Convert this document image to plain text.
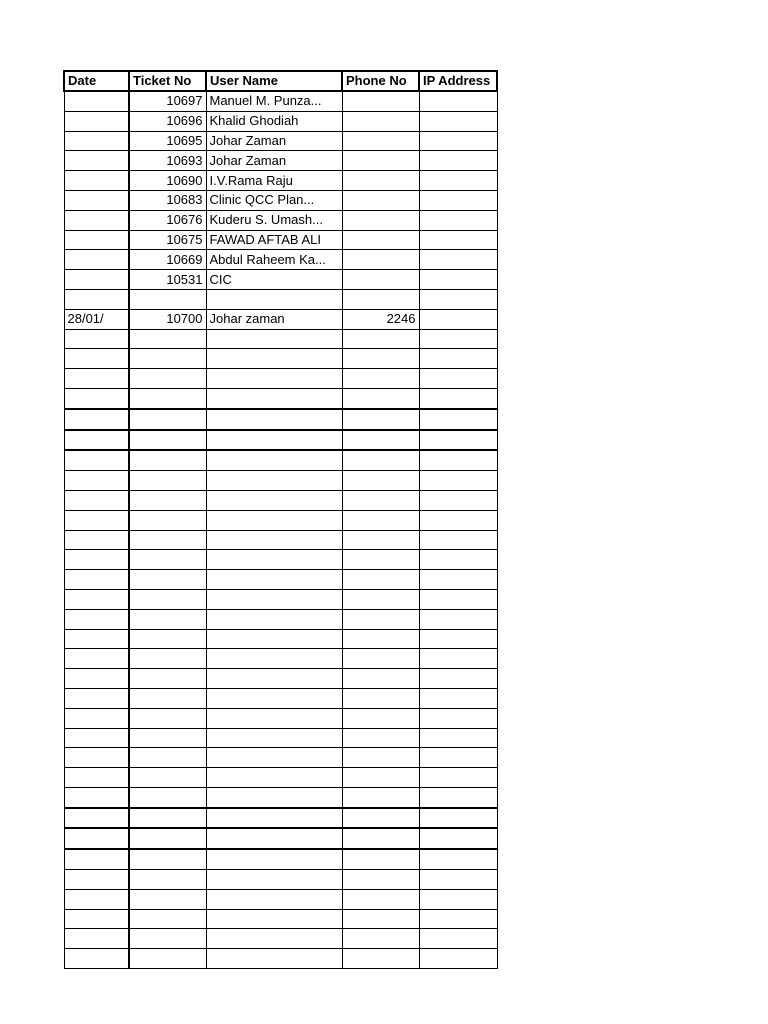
Date	Ticket No	User Name	Phone No	IP Address
	10697	Manuel M. Punza...		
	10696	Khalid Ghodiah		
	10695	Johar Zaman		
	10693	Johar Zaman		
	10690	I.V.Rama Raju		
	10683	Clinic QCC Plan...		
	10676	Kuderu S. Umash...		
	10675	FAWAD AFTAB ALI		
	10669	Abdul Raheem Ka...		
	10531	CIC		

28/01/	10700	Johar zaman	2246	
